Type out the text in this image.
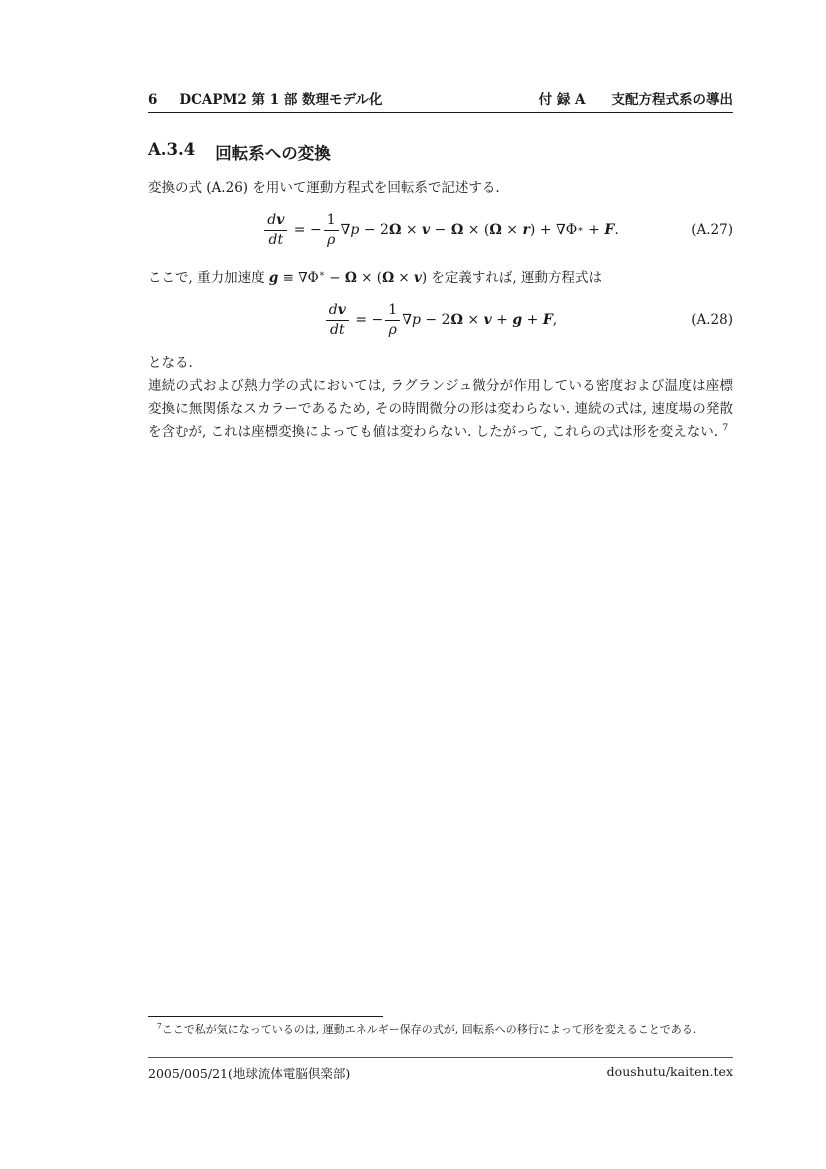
6 DCAPM2 第 1 部 数理モデル化	付 録 A 支配方程式系の導出
A.3.4 回転系への変換

変換の式 (A.26) を用いて運動方程式を回転系で記述する.

$\frac{dv}{dt}$ = − $\frac{1}{\rho}$ ∇ p − 2 Ω × v − Ω × ( Ω × r ) + ∇Φ ∗ + F .	(A.27)

ここで, 重力加速度 g ≡ ∇Φ∗ − Ω × (Ω × v) を定義すれば, 運動方程式は

$\frac{dv}{dt}$ = − $\frac{1}{\rho}$ ∇ p − 2 Ω × v + g + F ,	(A.28)

となる.

連続の式および熱力学の式においては, ラグランジュ微分が作用している密度および温度は座標変換に無関係なスカラーであるため, その時間微分の形は変わらない. 連続の式は, 速度場の発散を含むが, これは座標変換によっても値は変わらない. したがって, これらの式は形を変えない. $^7$

$^7$ここで私が気になっているのは, 運動エネルギー保存の式が, 回転系への移行によって形を変えることである.

2005/005/21(地球流体電脳倶楽部)	doushutu/kaiten.tex
